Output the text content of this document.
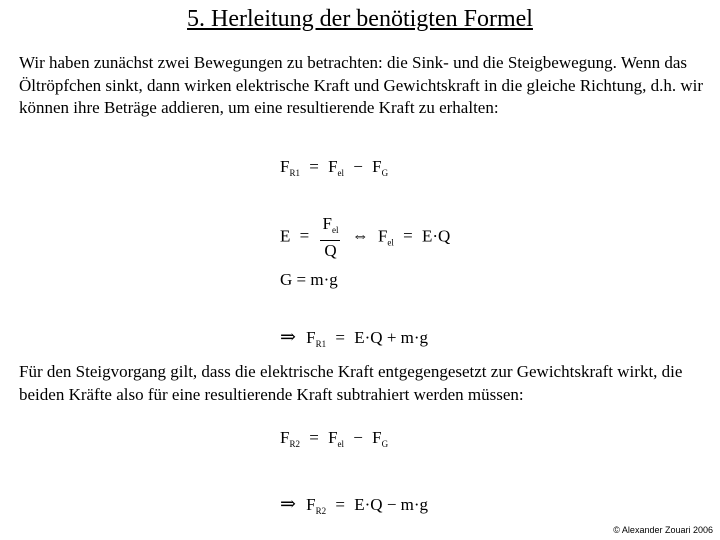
5. Herleitung der benötigten Formel

Wir haben zunächst zwei Bewegungen zu betrachten: die Sink- und die Steigbewegung. Wenn das Öltröpfchen sinkt, dann wirken elektrische Kraft und Gewichtskraft in die gleiche Richtung, d.h. wir können ihre Beträge addieren, um eine resultierende Kraft zu erhalten:

$F_{R1} = F_{el} - F_G$
$E = \frac{F_{el}}{Q}$ ⇔ $F_{el} = E\cdot Q$
G = m·g
⇒ $F_{R1} = E\cdot Q + m\cdot g$

Für den Steigvorgang gilt, dass die elektrische Kraft entgegengesetzt zur Gewichtskraft wirkt, die beiden Kräfte also für eine resultierende Kraft subtrahiert werden müssen:

$F_{R2} = F_{el} - F_G$
⇒ $F_{R2} = E\cdot Q - m\cdot g$
© Alexander Zouari 2006
